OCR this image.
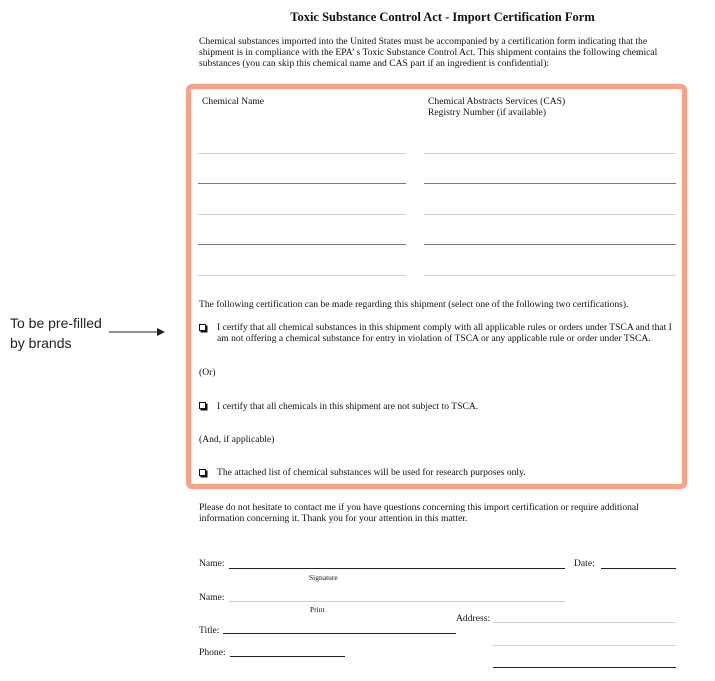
Toxic Substance Control Act - Import Certification Form
Chemical substances imported into the United States must be accompanied by a certification form indicating that the shipment is in compliance with the EPA’ s Toxic Substance Control Act. This shipment contains the following chemical substances (you can skip this chemical name and CAS part if an ingredient is confidential):
Chemical Name	Chemical Abstracts Services (CAS)
Registry Number (if available)
The following certification can be made regarding this shipment (select one of the following two certifications).
I certify that all chemical substances in this shipment comply with all applicable rules or orders under TSCA and that I am not offering a chemical substance for entry in violation of TSCA or any applicable rule or order under TSCA.
(Or)
I certify that all chemicals in this shipment are not subject to TSCA.
(And, if applicable)
The attached list of chemical substances will be used for research purposes only.
Please do not hesitate to contact me if you have questions concerning this import certification or require additional information concerning it. Thank you for your attention in this matter.
Name:
Signature
Date:
Name:
Print
Address:
Title:
Phone:
To be pre-filled
by brands
